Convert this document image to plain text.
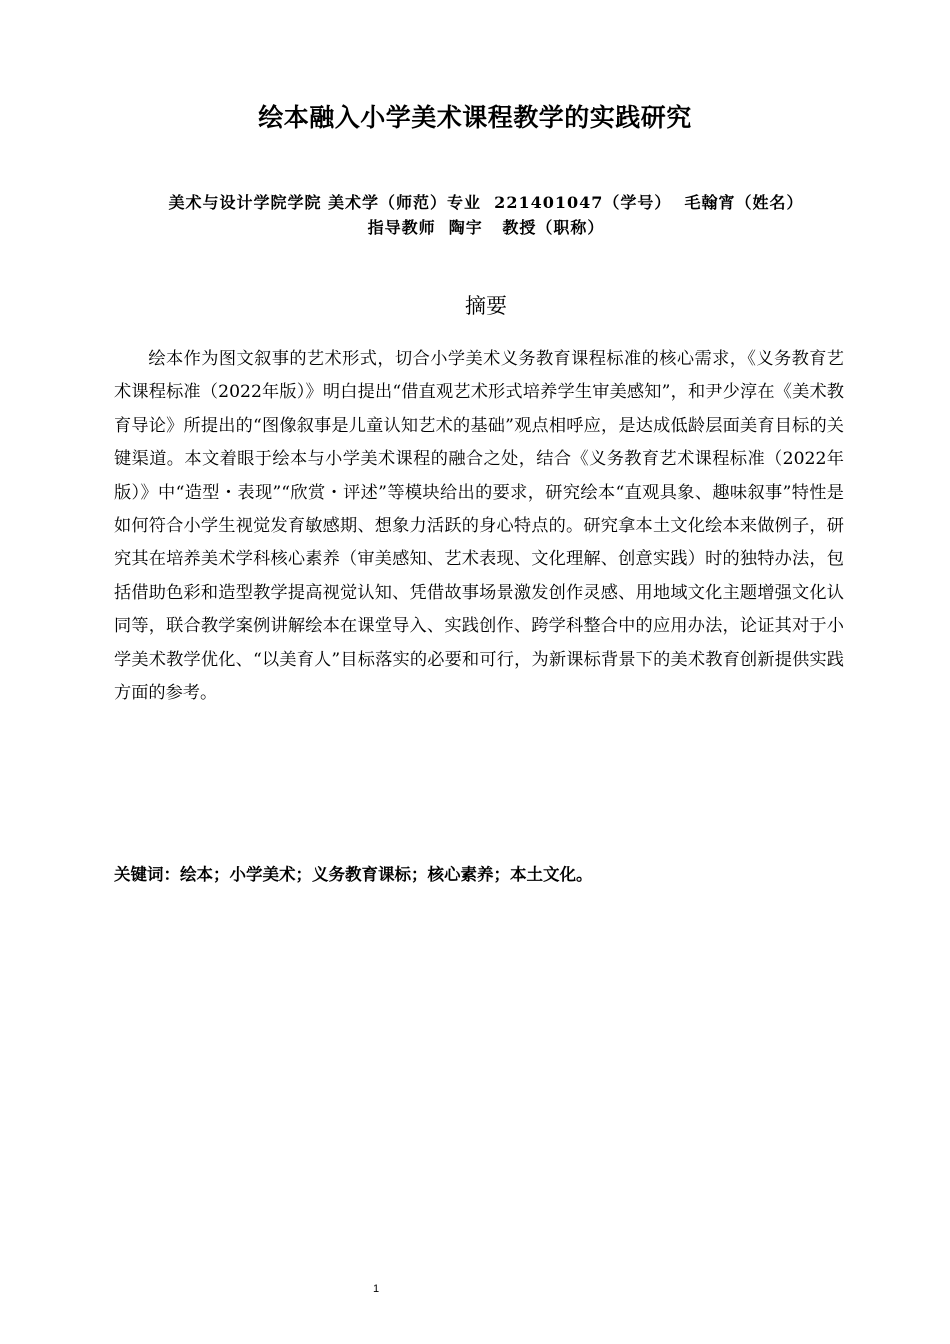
绘本融入小学美术课程教学的实践研究
美术与设计学院学院 美术学（师范）专业  221401047（学号）  毛翰宵（姓名）
指导教师  陶宇   教授（职称）
摘要

绘本作为图文叙事的艺术形式，切合小学美术义务教育课程标准的核心需求，《义务教育艺术课程标准（2022年版）》明白提出“借直观艺术形式培养学生审美感知”，和尹少淳在《美术教育导论》所提出的“图像叙事是儿童认知艺术的基础”观点相呼应，是达成低龄层面美育目标的关键渠道。本文着眼于绘本与小学美术课程的融合之处，结合《义务教育艺术课程标准（2022年版）》中“造型・表现”“欣赏・评述”等模块给出的要求，研究绘本“直观具象、趣味叙事”特性是如何符合小学生视觉发育敏感期、想象力活跃的身心特点的。研究拿本土文化绘本来做例子，研究其在培养美术学科核心素养（审美感知、艺术表现、文化理解、创意实践）时的独特办法，包括借助色彩和造型教学提高视觉认知、凭借故事场景激发创作灵感、用地域文化主题增强文化认同等，联合教学案例讲解绘本在课堂导入、实践创作、跨学科整合中的应用办法，论证其对于小学美术教学优化、“以美育人”目标落实的必要和可行，为新课标背景下的美术教育创新提供实践方面的参考。

关键词：绘本；小学美术；义务教育课标；核心素养；本土文化。
1
